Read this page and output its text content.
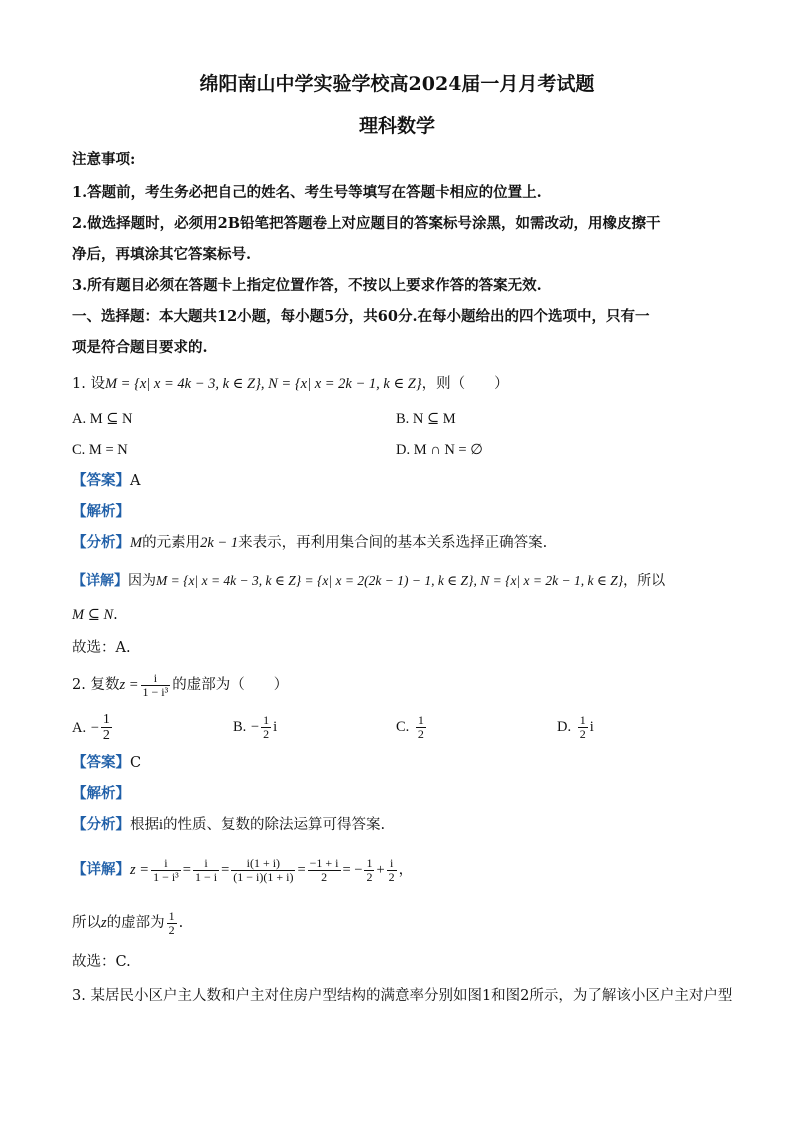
绵阳南山中学实验学校高2024届一月月考试题
理科数学
注意事项:
1.答题前，考生务必把自己的姓名、考生号等填写在答题卡相应的位置上.
2.做选择题时，必须用2B铅笔把答题卷上对应题目的答案标号涂黑，如需改动，用橡皮擦干
净后，再填涂其它答案标号.
3.所有题目必须在答题卡上指定位置作答，不按以上要求作答的答案无效.
一、选择题：本大题共12小题，每小题5分，共60分.在每小题给出的四个选项中，只有一
项是符合题目要求的.
1. 设M = {x| x = 4k − 3, k ∈ Z}, N = {x| x = 2k − 1, k ∈ Z}，则（　　）
A. M ⊆ N	B. N ⊆ M
C. M = N	D. M ∩ N = ∅
【答案】A
【解析】
【分析】M的元素用2k − 1来表示，再利用集合间的基本关系选择正确答案.
【详解】因为M = {x| x = 4k − 3, k ∈ Z} = {x| x = 2(2k − 1) − 1, k ∈ Z}, N = {x| x = 2k − 1, k ∈ Z}，所以
M ⊆ N.
故选：A.
2. 复数$z = \frac{i}{\text{1 − i³}}$ 的虚部为（　　）
A. − $\frac{1}{2}$	B. − $\frac{1}{2}$ i	C. $\frac{1}{2}$	D. $\frac{1}{2}$ i
【答案】C
【解析】
【分析】根据i的性质、复数的除法运算可得答案.
【详解】$z = \frac{i}{\text{1 − i³}} = \frac{i}{1 - i} = \frac{i(1 + i)}{(1 - i)(1 + i)} = \frac{-1 + i}{2}$ = − $\frac{1}{2} + \frac{i}{2}$ ，
所以z的虚部为 $\frac{1}{2}$ .
故选：C.
3. 某居民小区户主人数和户主对住房户型结构的满意率分别如图1和图2所示，为了解该小区户主对户型
